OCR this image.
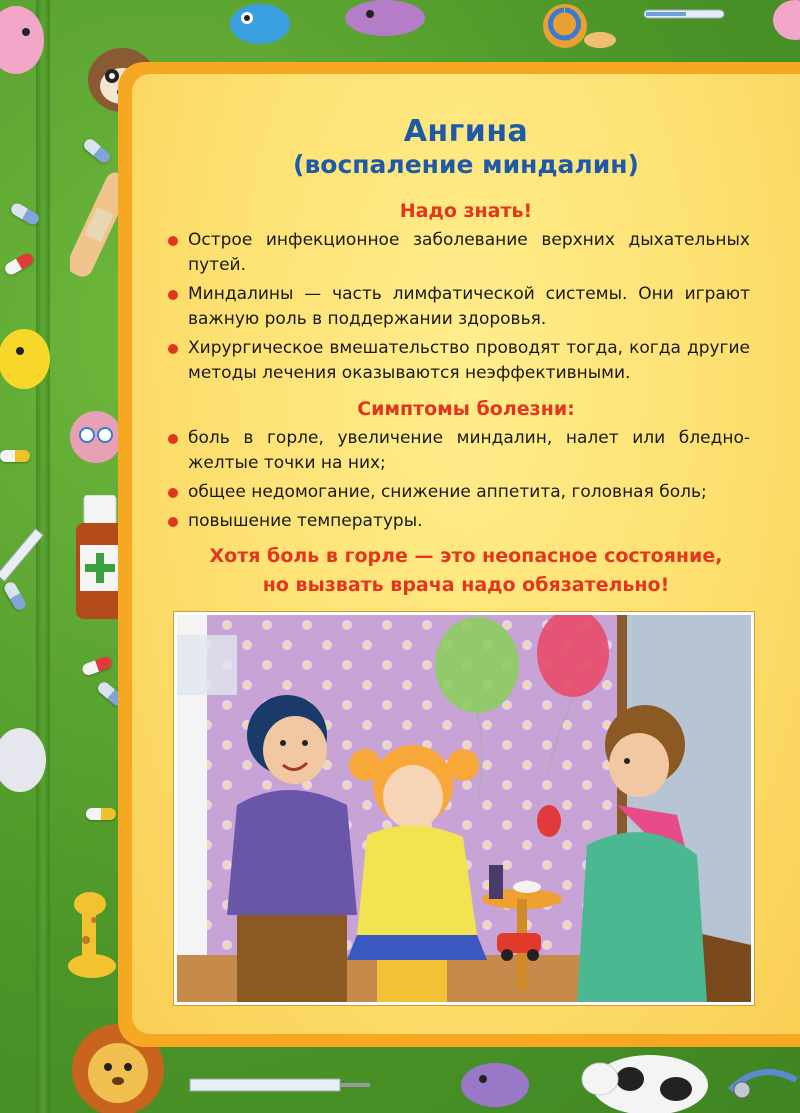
Ангина
(воспаление миндалин)
Надо знать!
Острое инфекционное заболевание верхних дыхательных путей.
Миндалины — часть лимфатической системы. Они играют важную роль в поддержании здоровья.
Хирургическое вмешательство проводят тогда, когда другие методы лечения оказываются неэффективными.
Симптомы болезни:
боль в горле, увеличение миндалин, налет или бледно-желтые точки на них;
общее недомогание, снижение аппетита, головная боль;
повышение температуры.
Хотя боль в горле — это неопасное состояние,
но вызвать врача надо обязательно!
